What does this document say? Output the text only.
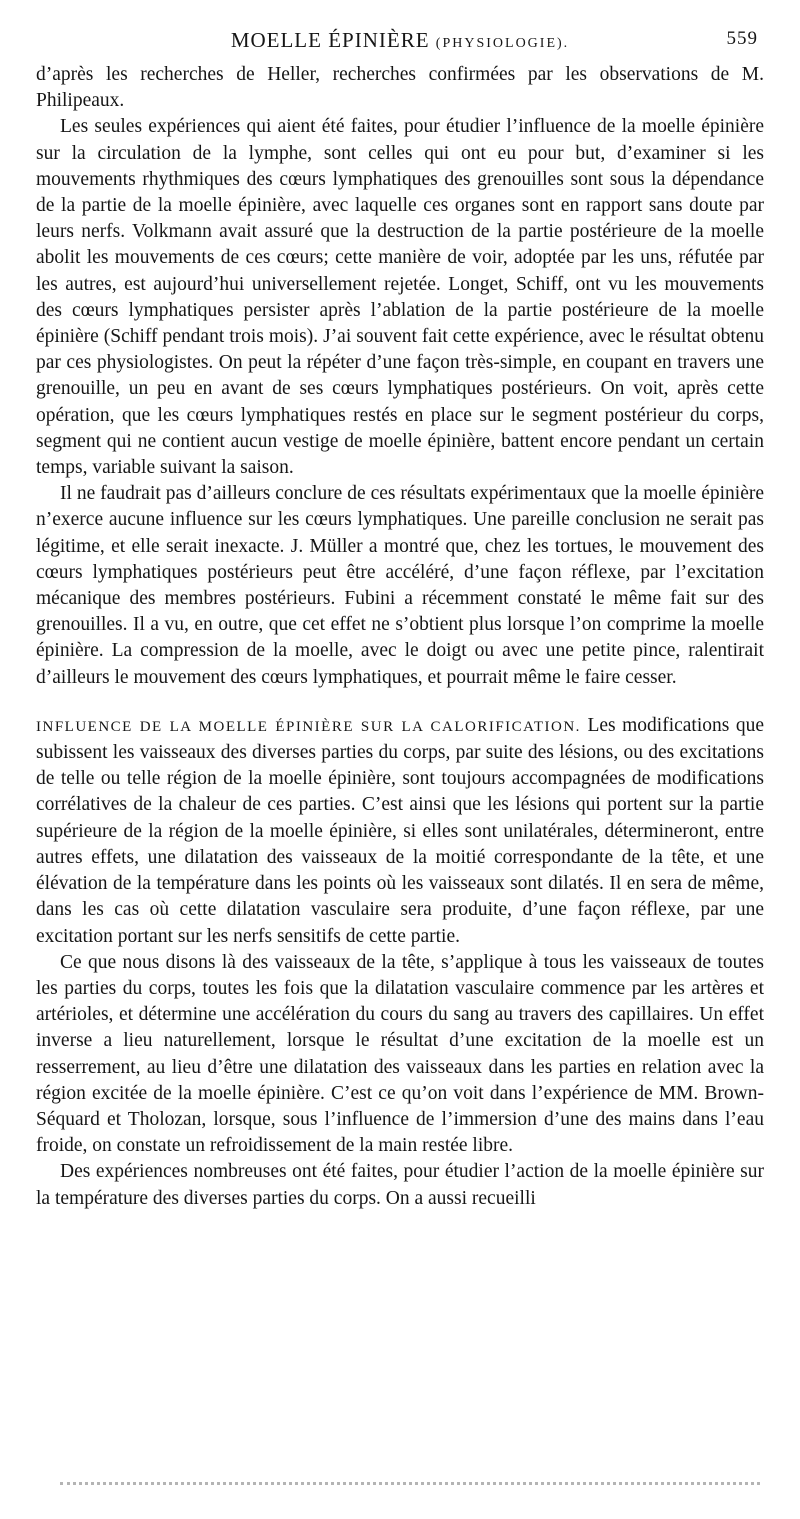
MOELLE ÉPINIÈRE (PHYSIOLOGIE).	559

d’après les recherches de Heller, recherches confirmées par les observations de M. Philipeaux.

Les seules expériences qui aient été faites, pour étudier l’influence de la moelle épinière sur la circulation de la lymphe, sont celles qui ont eu pour but, d’examiner si les mouvements rhythmiques des cœurs lymphatiques des grenouilles sont sous la dépendance de la partie de la moelle épinière, avec laquelle ces organes sont en rapport sans doute par leurs nerfs. Volkmann avait assuré que la destruction de la partie postérieure de la moelle abolit les mouvements de ces cœurs; cette manière de voir, adoptée par les uns, réfutée par les autres, est aujourd’hui universellement rejetée. Longet, Schiff, ont vu les mouvements des cœurs lymphatiques persister après l’ablation de la partie postérieure de la moelle épinière (Schiff pendant trois mois). J’ai souvent fait cette expérience, avec le résultat obtenu par ces physiologistes. On peut la répéter d’une façon très-simple, en coupant en travers une grenouille, un peu en avant de ses cœurs lymphatiques postérieurs. On voit, après cette opération, que les cœurs lymphatiques restés en place sur le segment postérieur du corps, segment qui ne contient aucun vestige de moelle épinière, battent encore pendant un certain temps, variable suivant la saison.

Il ne faudrait pas d’ailleurs conclure de ces résultats expérimentaux que la moelle épinière n’exerce aucune influence sur les cœurs lymphatiques. Une pareille conclusion ne serait pas légitime, et elle serait inexacte. J. Müller a montré que, chez les tortues, le mouvement des cœurs lymphatiques postérieurs peut être accéléré, d’une façon réflexe, par l’excitation mécanique des membres postérieurs. Fubini a récemment constaté le même fait sur des grenouilles. Il a vu, en outre, que cet effet ne s’obtient plus lorsque l’on comprime la moelle épinière. La compression de la moelle, avec le doigt ou avec une petite pince, ralentirait d’ailleurs le mouvement des cœurs lymphatiques, et pourrait même le faire cesser.

INFLUENCE DE LA MOELLE ÉPINIÈRE SUR LA CALORIFICATION. Les modifications que subissent les vaisseaux des diverses parties du corps, par suite des lésions, ou des excitations de telle ou telle région de la moelle épinière, sont toujours accompagnées de modifications corrélatives de la chaleur de ces parties. C’est ainsi que les lésions qui portent sur la partie supérieure de la région de la moelle épinière, si elles sont unilatérales, détermineront, entre autres effets, une dilatation des vaisseaux de la moitié correspondante de la tête, et une élévation de la température dans les points où les vaisseaux sont dilatés. Il en sera de même, dans les cas où cette dilatation vasculaire sera produite, d’une façon réflexe, par une excitation portant sur les nerfs sensitifs de cette partie.

Ce que nous disons là des vaisseaux de la tête, s’applique à tous les vaisseaux de toutes les parties du corps, toutes les fois que la dilatation vasculaire commence par les artères et artérioles, et détermine une accélération du cours du sang au travers des capillaires. Un effet inverse a lieu naturellement, lorsque le résultat d’une excitation de la moelle est un resserrement, au lieu d’être une dilatation des vaisseaux dans les parties en relation avec la région excitée de la moelle épinière. C’est ce qu’on voit dans l’expérience de MM. Brown-Séquard et Tholozan, lorsque, sous l’influence de l’immersion d’une des mains dans l’eau froide, on constate un refroidissement de la main restée libre.

Des expériences nombreuses ont été faites, pour étudier l’action de la moelle épinière sur la température des diverses parties du corps. On a aussi recueilli
